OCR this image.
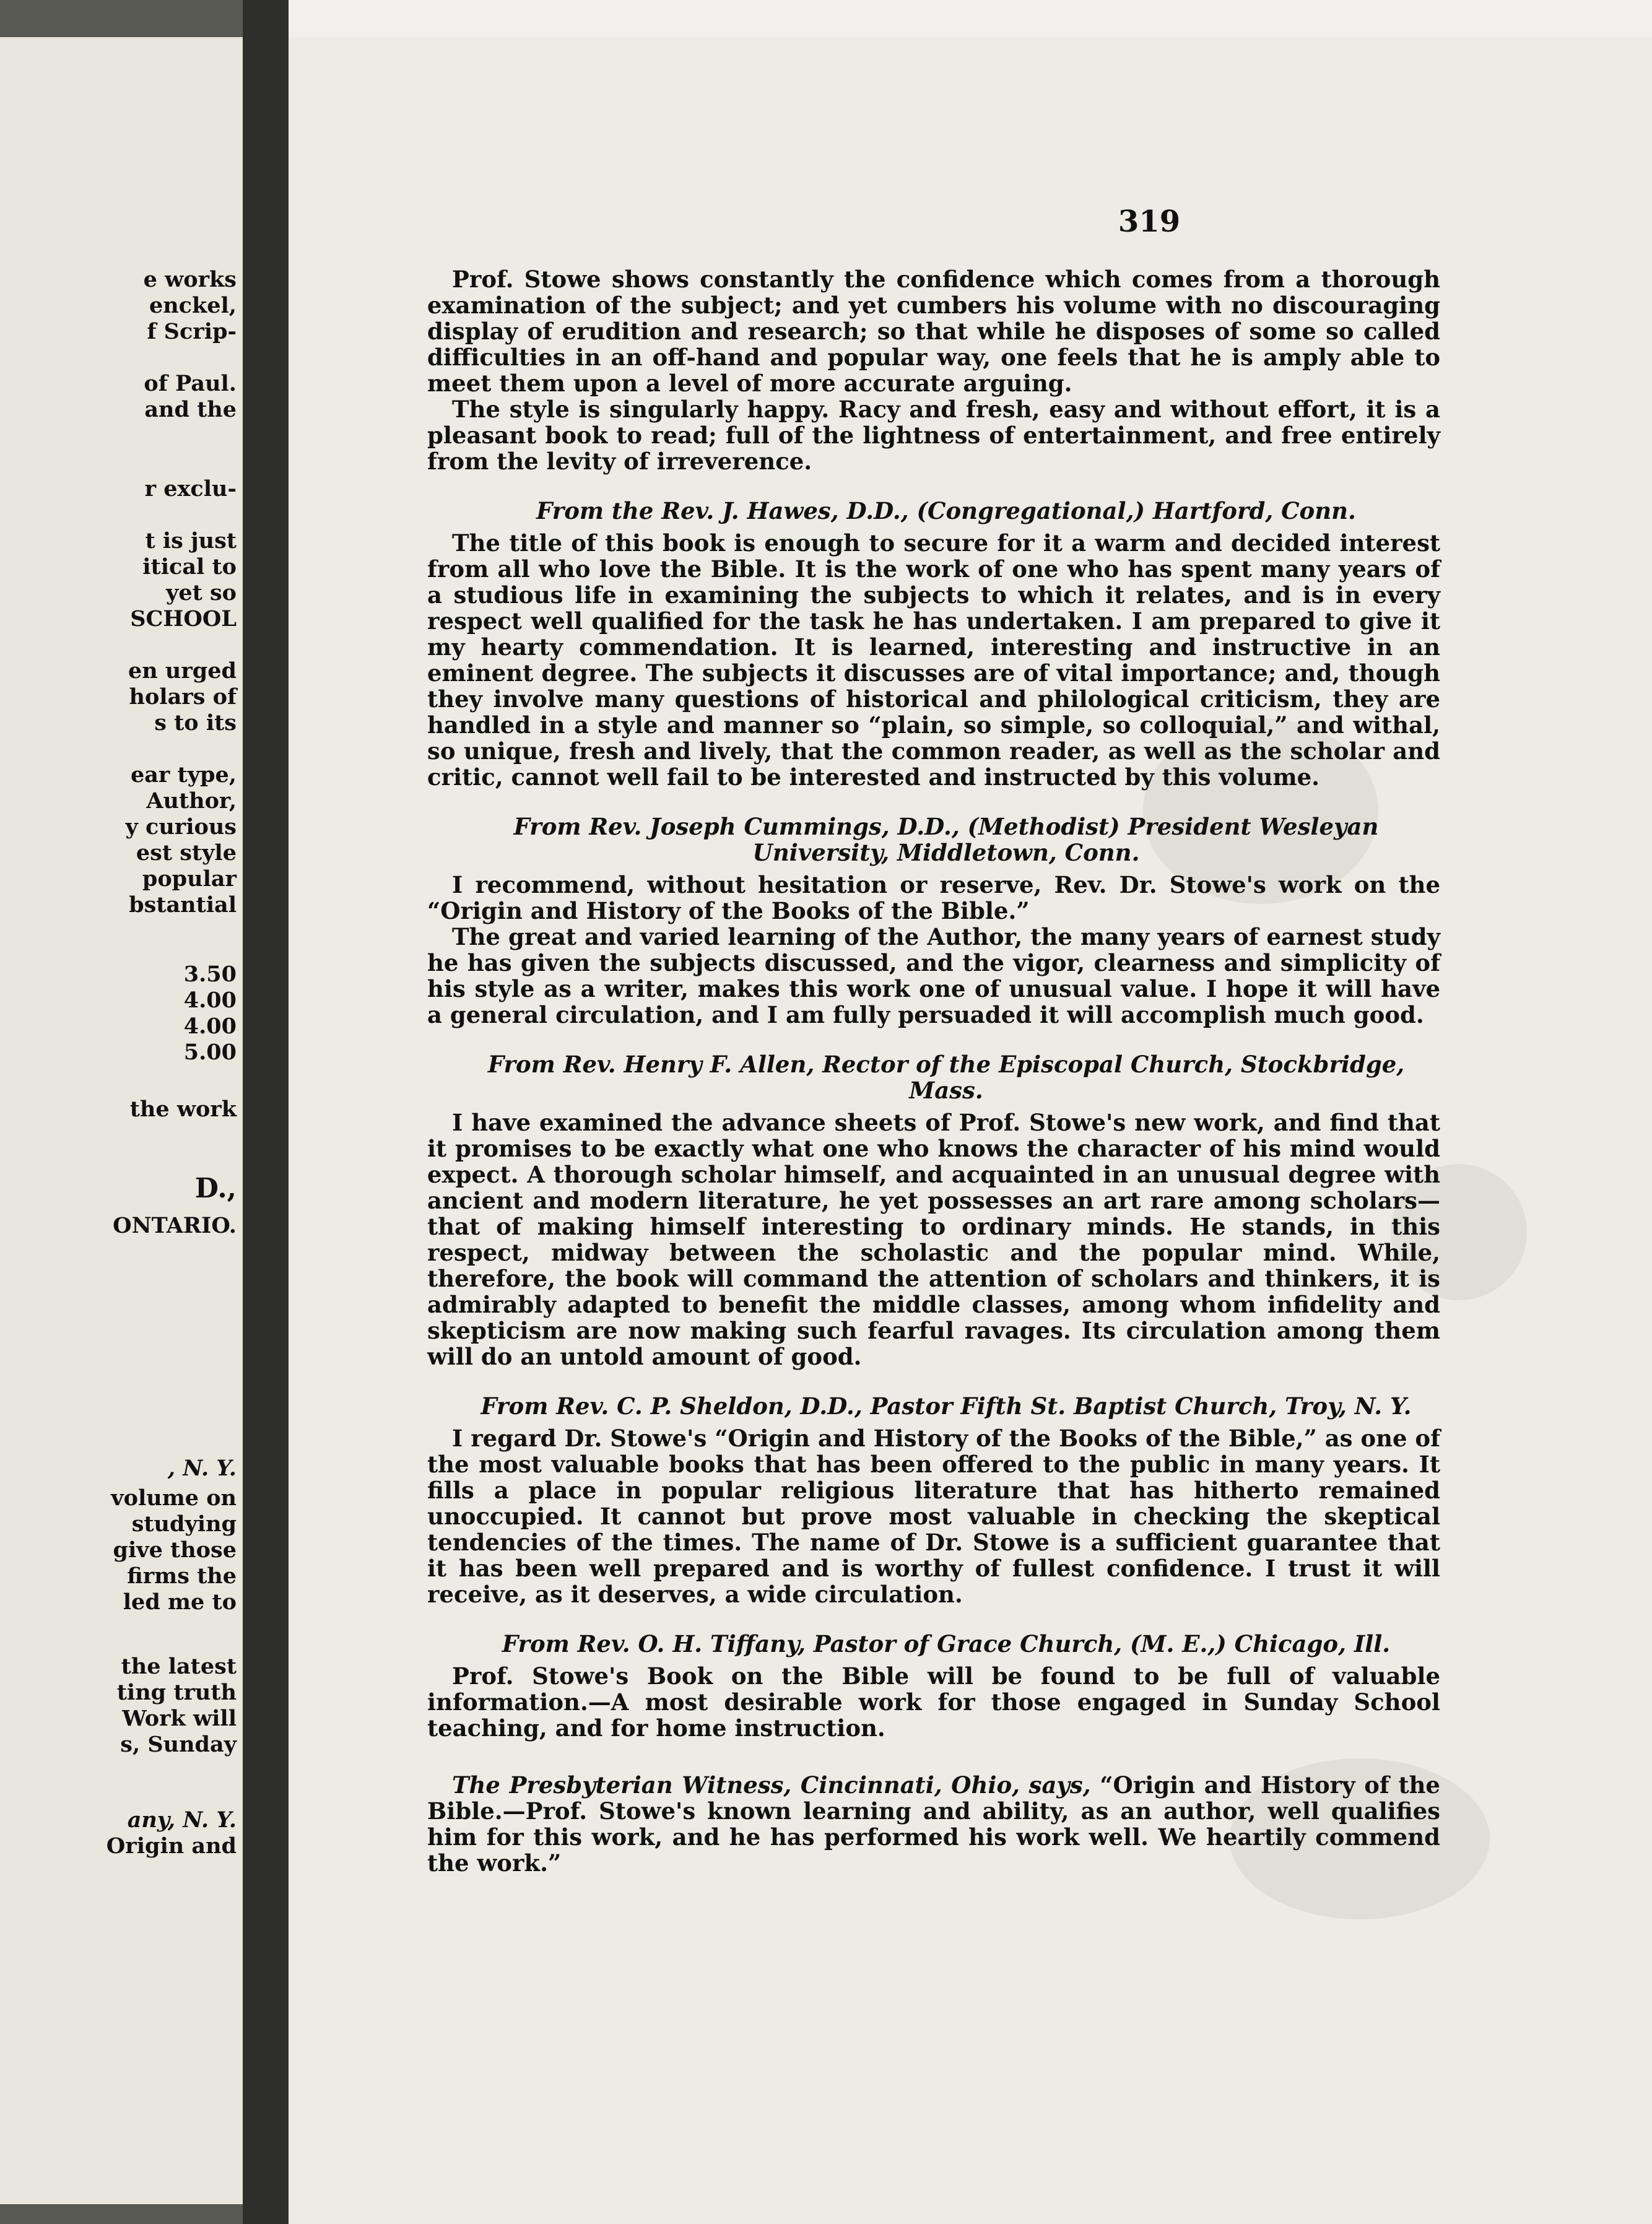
e works
enckel,
f Scrip-
of Paul.
and the
r exclu-
t is just
itical to
yet so
SCHOOL
en urged
holars of
s to its
ear type,
Author,
y curious
est style
popular
bstantial
3.50
4.00
4.00
5.00
the work
D.,
ONTARIO.
, N. Y.
volume on
studying
give those
firms the
led me to
the latest
ting truth
Work will
s, Sunday
any, N. Y.
Origin and
319

Prof. Stowe shows constantly the confidence which comes from a thorough examination of the subject; and yet cumbers his volume with no discouraging display of erudition and research; so that while he disposes of some so called difficulties in an off-hand and popular way, one feels that he is amply able to meet them upon a level of more accurate arguing.

The style is singularly happy. Racy and fresh, easy and without effort, it is a pleasant book to read; full of the lightness of entertainment, and free entirely from the levity of irreverence.

From the Rev. J. Hawes, D.D., (Congregational,) Hartford, Conn.

The title of this book is enough to secure for it a warm and decided interest from all who love the Bible. It is the work of one who has spent many years of a studious life in examining the subjects to which it relates, and is in every respect well qualified for the task he has undertaken. I am prepared to give it my hearty commendation. It is learned, interesting and instructive in an eminent degree. The subjects it discusses are of vital importance; and, though they involve many questions of historical and philological criticism, they are handled in a style and manner so “plain, so simple, so colloquial,” and withal, so unique, fresh and lively, that the common reader, as well as the scholar and critic, cannot well fail to be interested and instructed by this volume.

From Rev. Joseph Cummings, D.D., (Methodist) President Wesleyan University, Middletown, Conn.

I recommend, without hesitation or reserve, Rev. Dr. Stowe's work on the “Origin and History of the Books of the Bible.”

The great and varied learning of the Author, the many years of earnest study he has given the subjects discussed, and the vigor, clearness and simplicity of his style as a writer, makes this work one of unusual value. I hope it will have a general circulation, and I am fully persuaded it will accomplish much good.

From Rev. Henry F. Allen, Rector of the Episcopal Church, Stockbridge, Mass.

I have examined the advance sheets of Prof. Stowe's new work, and find that it promises to be exactly what one who knows the character of his mind would expect. A thorough scholar himself, and acquainted in an unusual degree with ancient and modern literature, he yet possesses an art rare among scholars—that of making himself interesting to ordinary minds. He stands, in this respect, midway between the scholastic and the popular mind. While, therefore, the book will command the attention of scholars and thinkers, it is admirably adapted to benefit the middle classes, among whom infidelity and skepticism are now making such fearful ravages. Its circulation among them will do an untold amount of good.

From Rev. C. P. Sheldon, D.D., Pastor Fifth St. Baptist Church, Troy, N. Y.

I regard Dr. Stowe's “Origin and History of the Books of the Bible,” as one of the most valuable books that has been offered to the public in many years. It fills a place in popular religious literature that has hitherto remained unoccupied. It cannot but prove most valuable in checking the skeptical tendencies of the times. The name of Dr. Stowe is a sufficient guarantee that it has been well prepared and is worthy of fullest confidence. I trust it will receive, as it deserves, a wide circulation.

From Rev. O. H. Tiffany, Pastor of Grace Church, (M. E.,) Chicago, Ill.

Prof. Stowe's Book on the Bible will be found to be full of valuable information.—A most desirable work for those engaged in Sunday School teaching, and for home instruction.

The Presbyterian Witness, Cincinnati, Ohio, says, “Origin and History of the Bible.—Prof. Stowe's known learning and ability, as an author, well qualifies him for this work, and he has performed his work well. We heartily commend the work.”
